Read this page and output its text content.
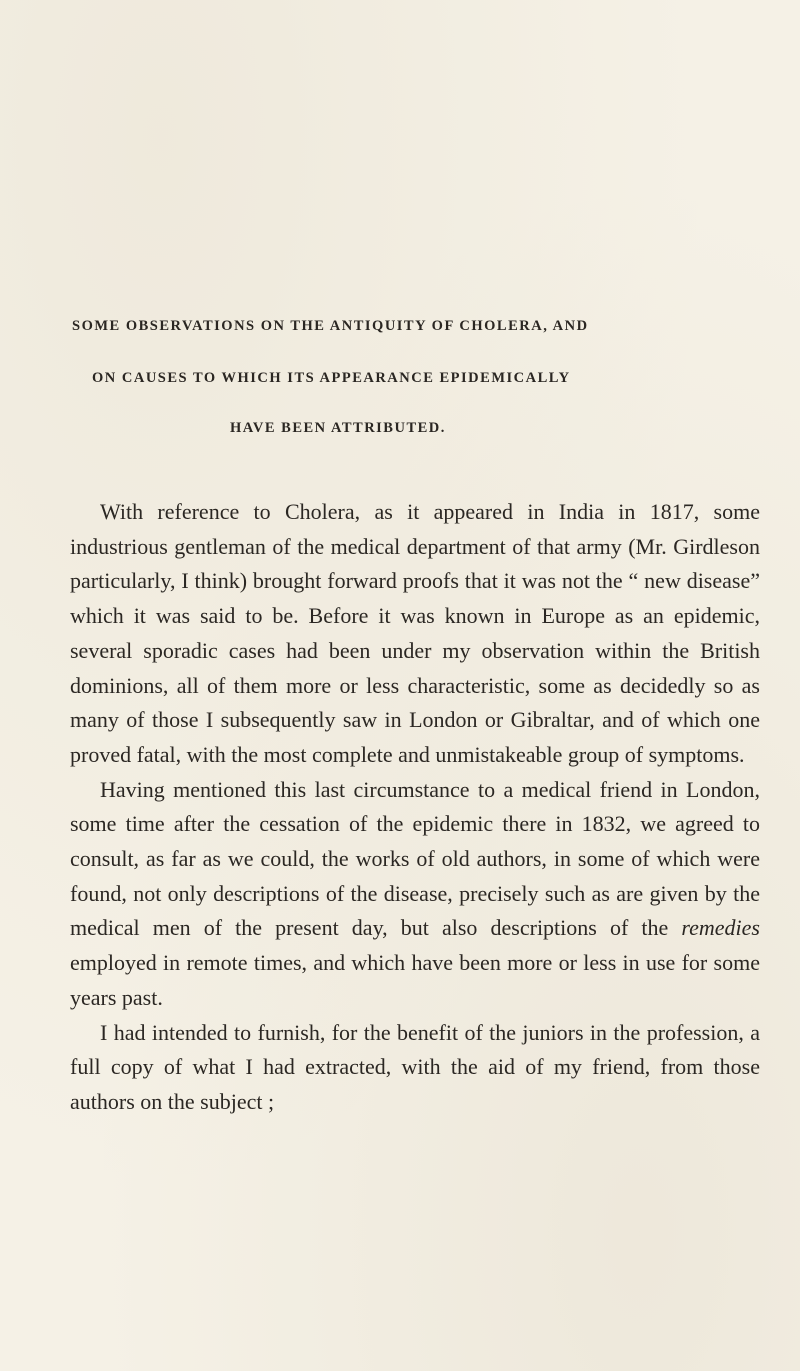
SOME OBSERVATIONS ON THE ANTIQUITY OF CHOLERA, AND
ON CAUSES TO WHICH ITS APPEARANCE EPIDEMICALLY
HAVE BEEN ATTRIBUTED.

With reference to Cholera, as it appeared in India in 1817, some industrious gentleman of the medical department of that army (Mr. Girdleson particularly, I think) brought forward proofs that it was not the “ new disease” which it was said to be. Before it was known in Europe as an epidemic, several sporadic cases had been under my observation within the British dominions, all of them more or less characteristic, some as decidedly so as many of those I subsequently saw in London or Gibraltar, and of which one proved fatal, with the most complete and unmistakeable group of symptoms.

Having mentioned this last circumstance to a medical friend in London, some time after the cessation of the epidemic there in 1832, we agreed to consult, as far as we could, the works of old authors, in some of which were found, not only descriptions of the disease, precisely such as are given by the medical men of the present day, but also descriptions of the remedies employed in remote times, and which have been more or less in use for some years past.

I had intended to furnish, for the benefit of the juniors in the profession, a full copy of what I had extracted, with the aid of my friend, from those authors on the subject ;
